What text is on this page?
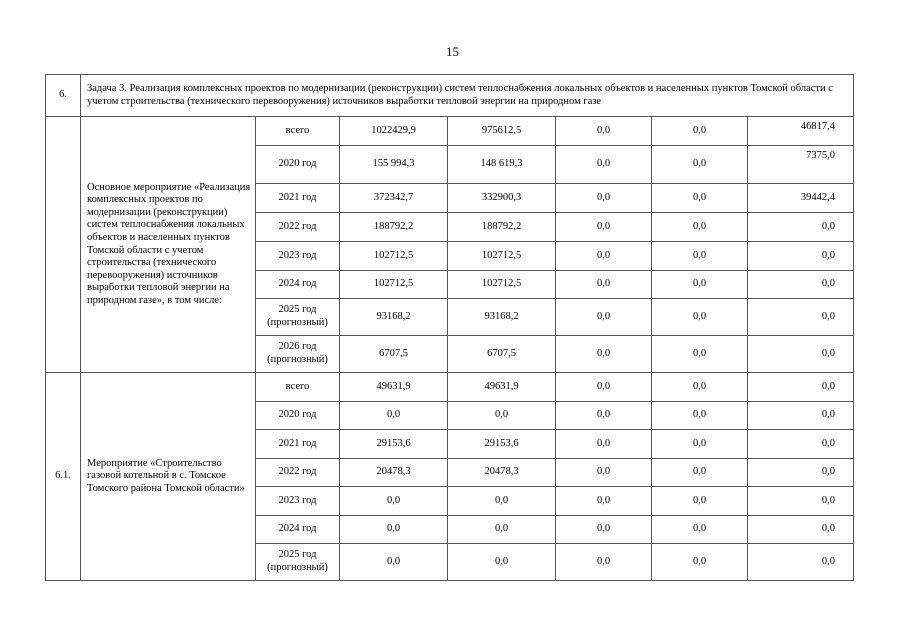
15
6.	Задача 3. Реализация комплексных проектов по модернизации (реконструкции) систем теплоснабжения локальных объектов и населенных пунктов Томской области с учетом строительства (технического перевооружения) источников выработки тепловой энергии на природном газе						
	Основное мероприятие «Реализация комплексных проектов по модернизации (реконструкции) систем теплоснабжения локальных объектов и населенных пунктов Томской области с учетом строительства (технического перевооружения) источников выработки тепловой энергии на природном газе», в том числе:	всего	1022429,9	975612,5	0,0	0,0	46817,4
		2020 год	155 994,3	148 619,3	0,0	0,0	7375,0
		2021 год	372342,7	332900,3	0,0	0,0	39442,4
		2022 год	188792,2	188792,2	0,0	0,0	0,0
		2023 год	102712,5	102712,5	0,0	0,0	0,0
		2024 год	102712,5	102712,5	0,0	0,0	0,0
		2025 год (прогнозный)	93168,2	93168,2	0,0	0,0	0,0
		2026 год (прогнозный)	6707,5	6707,5	0,0	0,0	0,0
6.1.	Мероприятие «Строительство газовой котельной в с. Томское Томского района Томской области»	всего	49631,9	49631,9	0,0	0,0	0,0
		2020 год	0,0	0,0	0,0	0,0	0,0
		2021 год	29153,6	29153,6	0,0	0,0	0,0
		2022 год	20478,3	20478,3	0,0	0,0	0,0
		2023 год	0,0	0,0	0,0	0,0	0,0
		2024 год	0,0	0,0	0,0	0,0	0,0
		2025 год (прогнозный)	0,0	0,0	0,0	0,0	0,0
